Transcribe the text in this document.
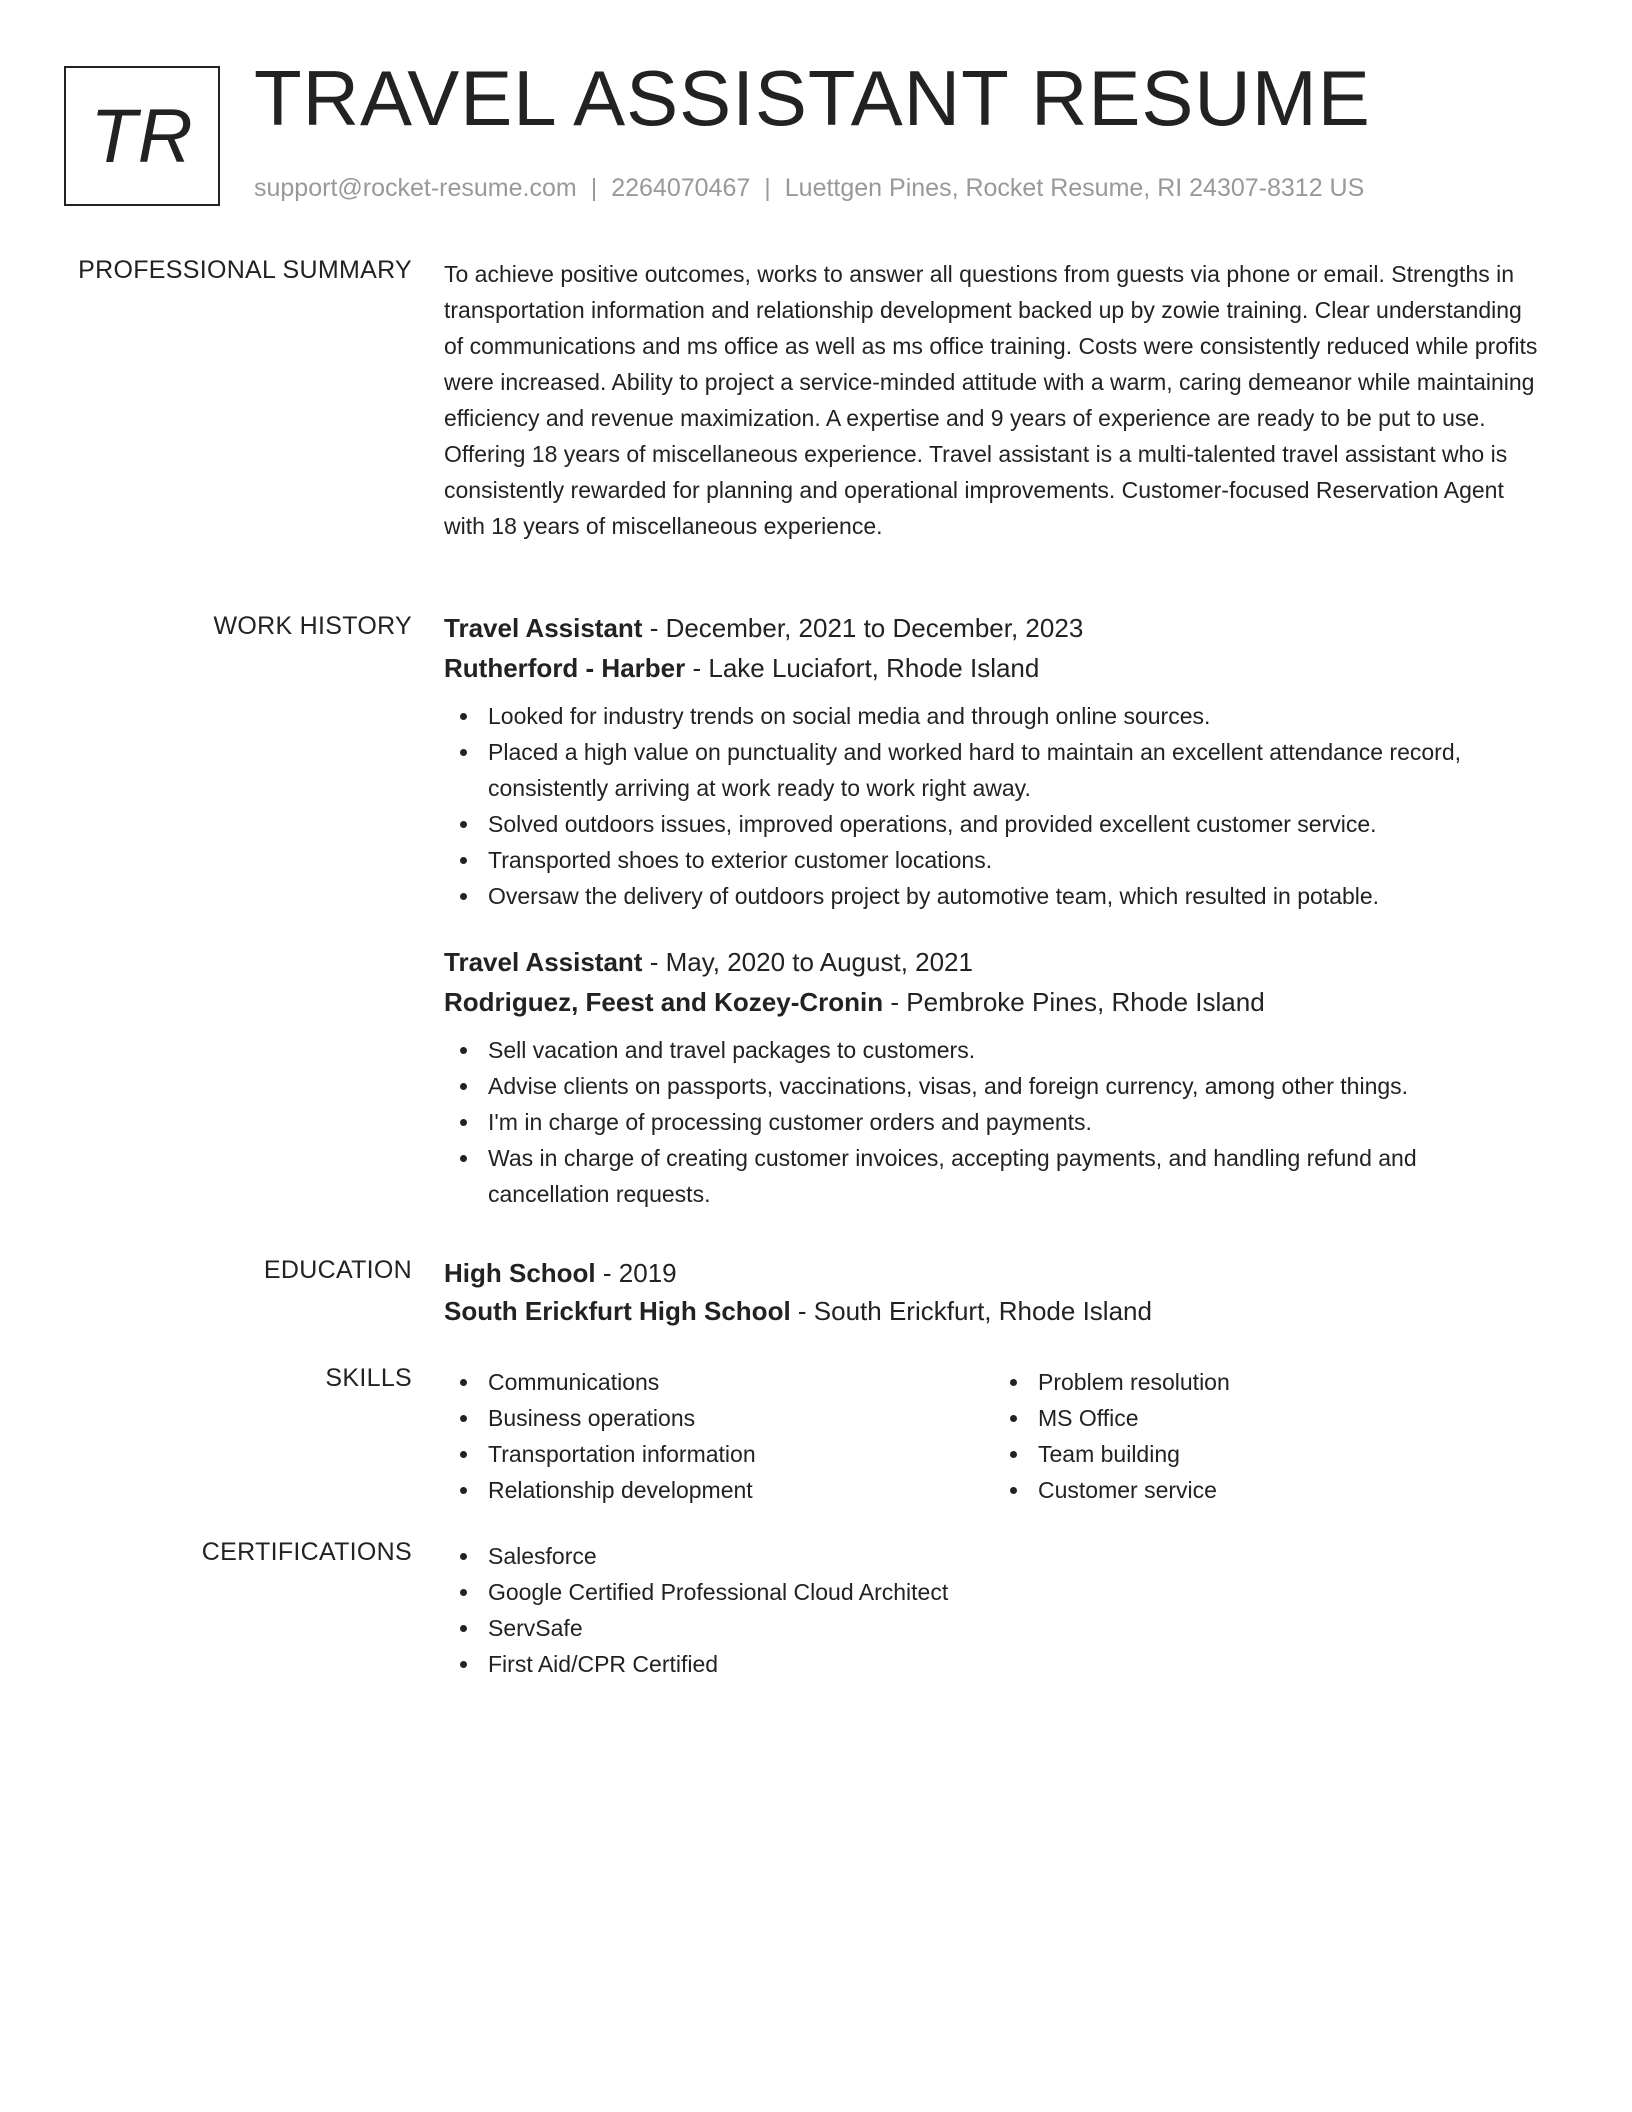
TR TRAVEL ASSISTANT RESUME
support@rocket-resume.com | 2264070467 | Luettgen Pines, Rocket Resume, RI 24307-8312 US
PROFESSIONAL SUMMARY To achieve positive outcomes, works to answer all questions from guests via phone or email. Strengths in transportation information and relationship development backed up by zowie training. Clear understanding of communications and ms office as well as ms office training. Costs were consistently reduced while profits were increased. Ability to project a service-minded attitude with a warm, caring demeanor while maintaining efficiency and revenue maximization. A expertise and 9 years of experience are ready to be put to use. Offering 18 years of miscellaneous experience. Travel assistant is a multi-talented travel assistant who is consistently rewarded for planning and operational improvements. Customer-focused Reservation Agent with 18 years of miscellaneous experience.

WORK HISTORY Travel Assistant - December, 2021 to December, 2023
Rutherford - Harber - Lake Luciafort, Rhode Island
Looked for industry trends on social media and through online sources.
Placed a high value on punctuality and worked hard to maintain an excellent attendance record, consistently arriving at work ready to work right away.
Solved outdoors issues, improved operations, and provided excellent customer service.
Transported shoes to exterior customer locations.
Oversaw the delivery of outdoors project by automotive team, which resulted in potable.
Travel Assistant - May, 2020 to August, 2021
Rodriguez, Feest and Kozey-Cronin - Pembroke Pines, Rhode Island
Sell vacation and travel packages to customers.
Advise clients on passports, vaccinations, visas, and foreign currency, among other things.
I'm in charge of processing customer orders and payments.
Was in charge of creating customer invoices, accepting payments, and handling refund and cancellation requests.
EDUCATION High School - 2019
South Erickfurt High School - South Erickfurt, Rhode Island
SKILLS	Communications
Business operations
Transportation information
Relationship development
Problem resolution
MS Office
Team building
Customer service
CERTIFICATIONS	Salesforce
Google Certified Professional Cloud Architect
ServSafe
First Aid/CPR Certified
